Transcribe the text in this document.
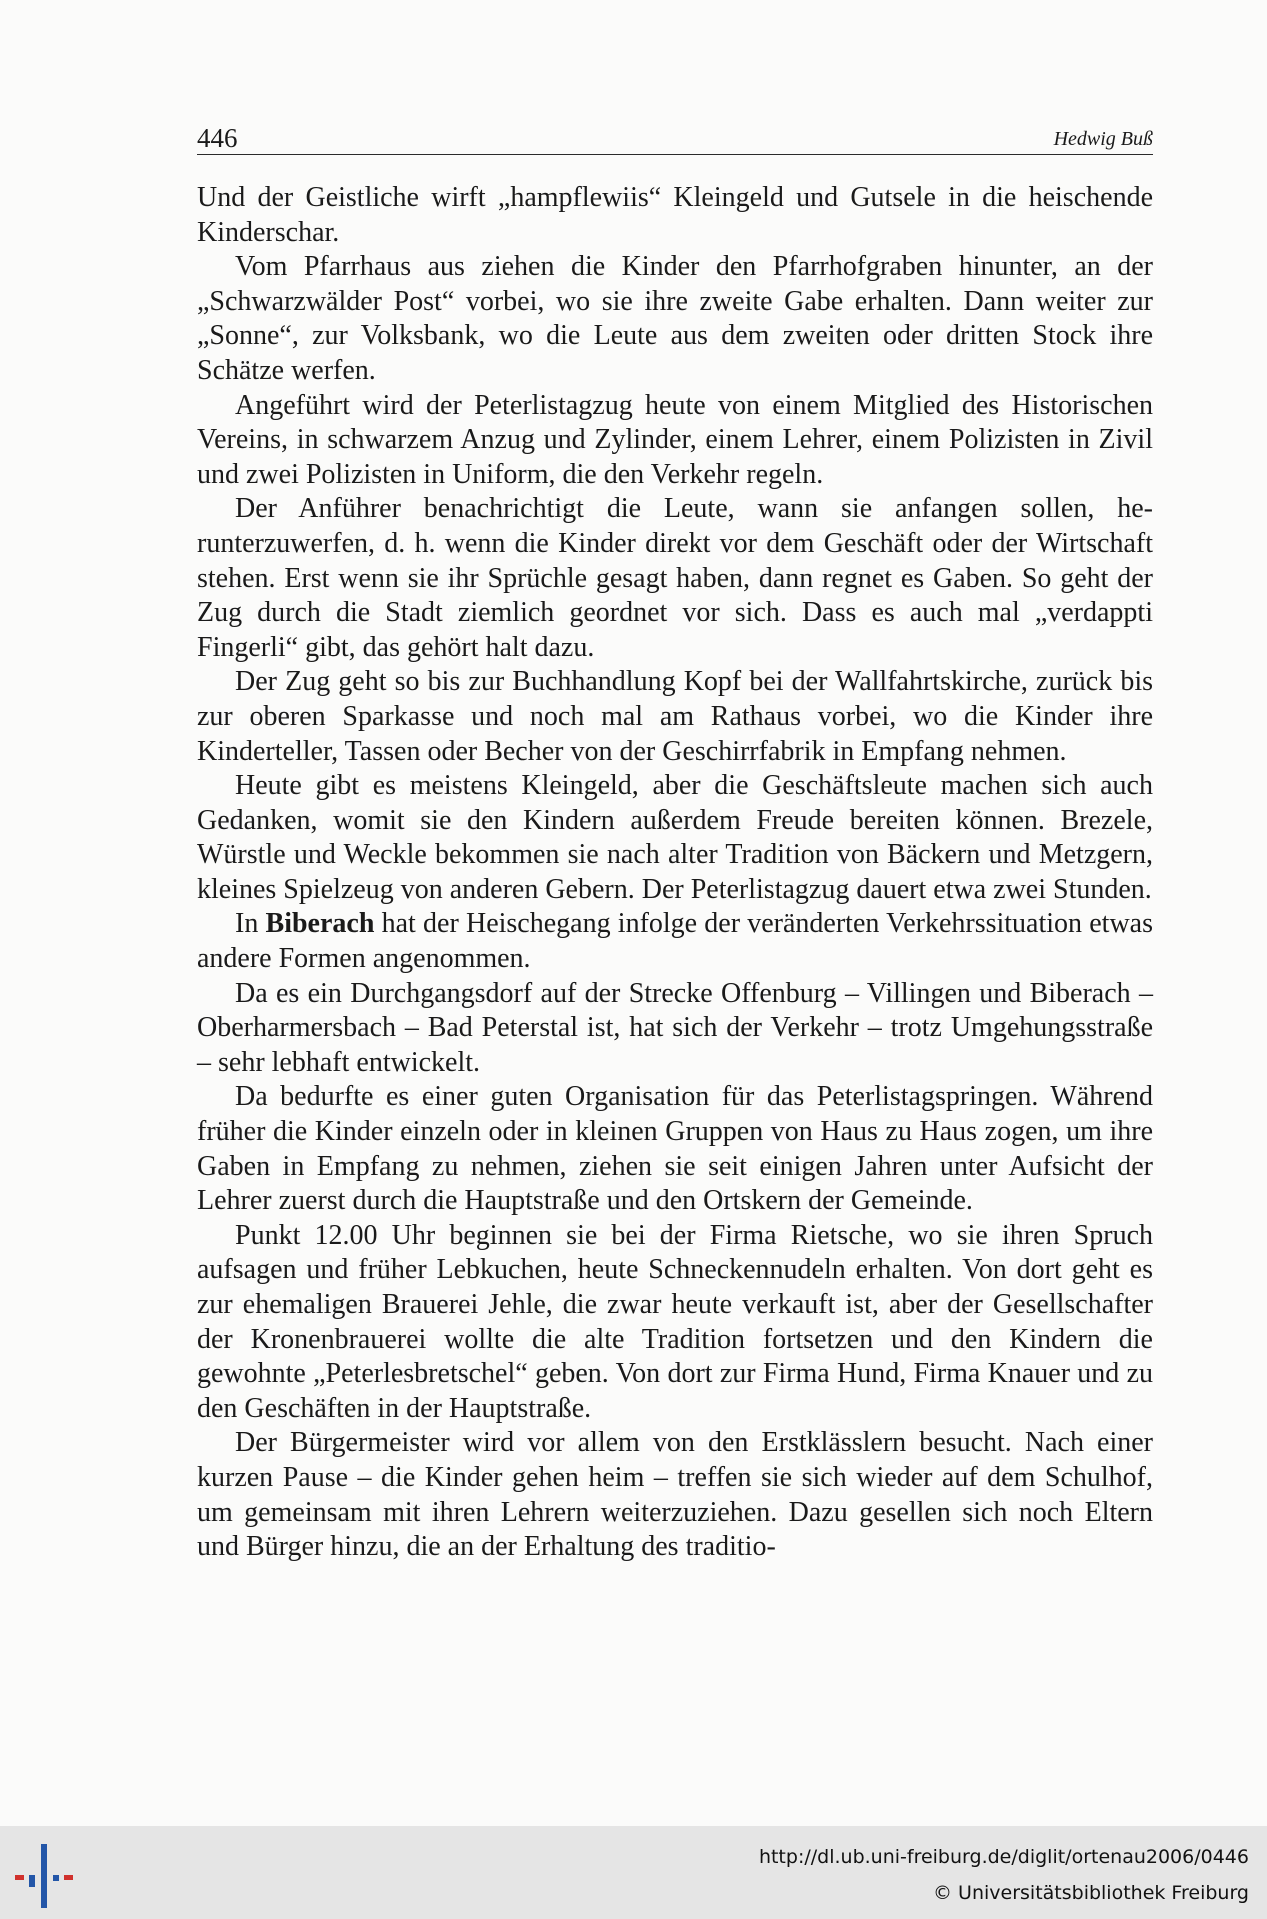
446	Hedwig Buß

Und der Geistliche wirft „hampflewiis“ Kleingeld und Gutsele in die heischende Kinderschar.

Vom Pfarrhaus aus ziehen die Kinder den Pfarrhofgraben hinunter, an der „Schwarzwälder Post“ vorbei, wo sie ihre zweite Gabe erhalten. Dann weiter zur „Sonne“, zur Volksbank, wo die Leute aus dem zweiten oder dritten Stock ihre Schätze werfen.

Angeführt wird der Peterlistagzug heute von einem Mitglied des Historischen Vereins, in schwarzem Anzug und Zylinder, einem Lehrer, einem Polizisten in Zivil und zwei Polizisten in Uniform, die den Verkehr regeln.

Der Anführer benachrichtigt die Leute, wann sie anfangen sollen, herunterzuwerfen, d. h. wenn die Kinder direkt vor dem Geschäft oder der Wirtschaft stehen. Erst wenn sie ihr Sprüchle gesagt haben, dann regnet es Gaben. So geht der Zug durch die Stadt ziemlich geordnet vor sich. Dass es auch mal „verdappti Fingerli“ gibt, das gehört halt dazu.

Der Zug geht so bis zur Buchhandlung Kopf bei der Wallfahrtskirche, zurück bis zur oberen Sparkasse und noch mal am Rathaus vorbei, wo die Kinder ihre Kinderteller, Tassen oder Becher von der Geschirrfabrik in Empfang nehmen.

Heute gibt es meistens Kleingeld, aber die Geschäftsleute machen sich auch Gedanken, womit sie den Kindern außerdem Freude bereiten können. Brezele, Würstle und Weckle bekommen sie nach alter Tradition von Bäckern und Metzgern, kleines Spielzeug von anderen Gebern. Der Peterlistagzug dauert etwa zwei Stunden.

In Biberach hat der Heischegang infolge der veränderten Verkehrssituation etwas andere Formen angenommen.

Da es ein Durchgangsdorf auf der Strecke Offenburg – Villingen und Biberach – Oberharmersbach – Bad Peterstal ist, hat sich der Verkehr – trotz Umgehungsstraße – sehr lebhaft entwickelt.

Da bedurfte es einer guten Organisation für das Peterlistagspringen. Während früher die Kinder einzeln oder in kleinen Gruppen von Haus zu Haus zogen, um ihre Gaben in Empfang zu nehmen, ziehen sie seit einigen Jahren unter Aufsicht der Lehrer zuerst durch die Hauptstraße und den Ortskern der Gemeinde.

Punkt 12.00 Uhr beginnen sie bei der Firma Rietsche, wo sie ihren Spruch aufsagen und früher Lebkuchen, heute Schneckennudeln erhalten. Von dort geht es zur ehemaligen Brauerei Jehle, die zwar heute verkauft ist, aber der Gesellschafter der Kronenbrauerei wollte die alte Tradition fortsetzen und den Kindern die gewohnte „Peterlesbretschel“ geben. Von dort zur Firma Hund, Firma Knauer und zu den Geschäften in der Hauptstraße.

Der Bürgermeister wird vor allem von den Erstklässlern besucht. Nach einer kurzen Pause – die Kinder gehen heim – treffen sie sich wieder auf dem Schulhof, um gemeinsam mit ihren Lehrern weiterzuziehen. Dazu gesellen sich noch Eltern und Bürger hinzu, die an der Erhaltung des traditio-

http://dl.ub.uni-freiburg.de/diglit/ortenau2006/0446
© Universitätsbibliothek Freiburg
